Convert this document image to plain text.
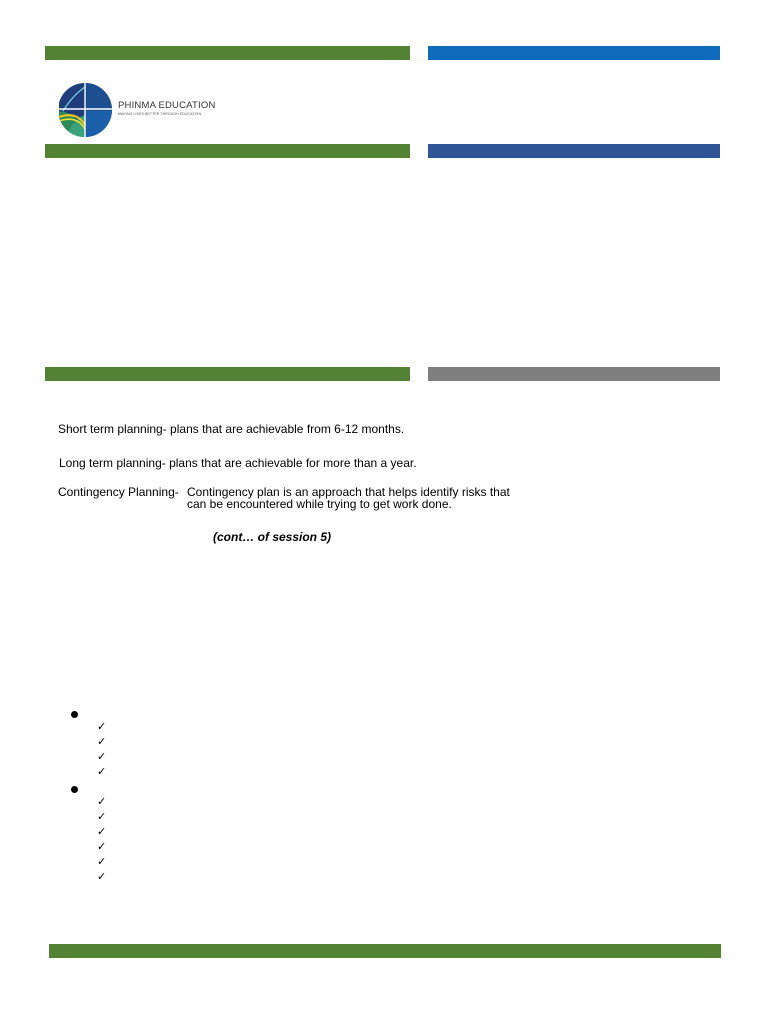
PHINMA EDUCATION
MAKING LIVES BETTER THROUGH EDUCATION
Short term planning- plans that are achievable from 6-12 months.
Long term planning- plans that are achievable for more than a year.
Contingency Planning- Contingency plan is an approach that helps identify risks that
can be encountered while trying to get work done.
(cont… of session 5)
✓
✓
✓
✓
✓
✓
✓
✓
✓
✓
